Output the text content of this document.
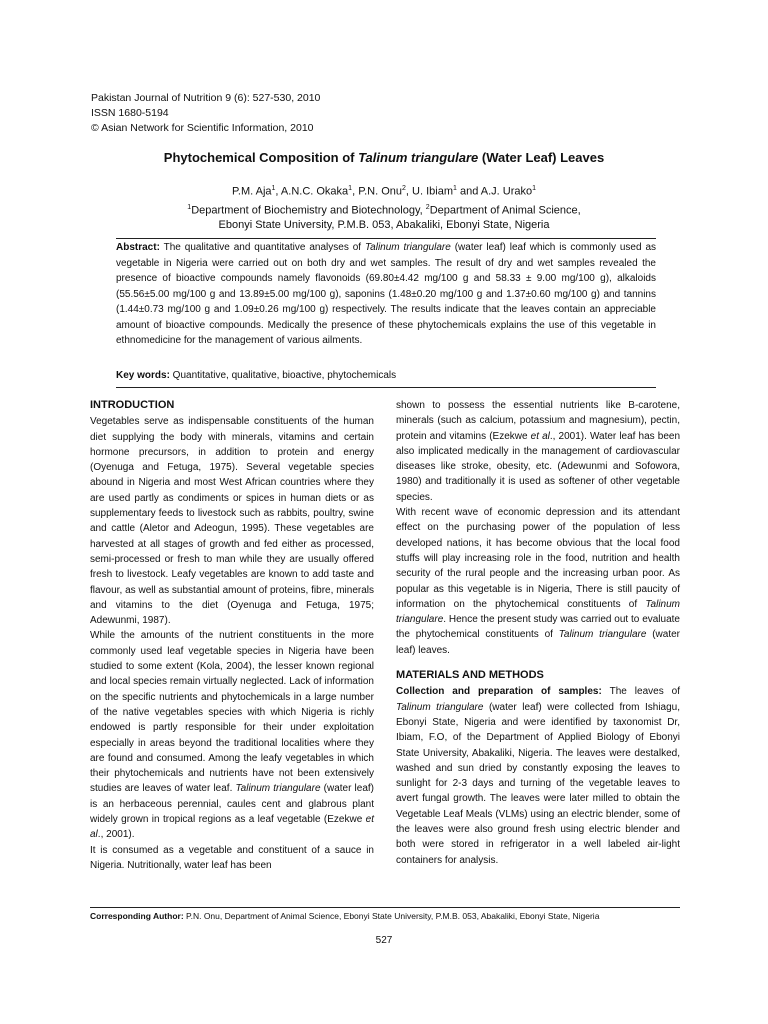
Pakistan Journal of Nutrition 9 (6): 527-530, 2010
ISSN 1680-5194
© Asian Network for Scientific Information, 2010
Phytochemical Composition of Talinum triangulare (Water Leaf) Leaves
P.M. Aja$^1$, A.N.C. Okaka$^1$, P.N. Onu$^2$, U. Ibiam$^1$ and A.J. Urako$^1$
$^1$Department of Biochemistry and Biotechnology, $^2$Department of Animal Science,
Ebonyi State University, P.M.B. 053, Abakaliki, Ebonyi State, Nigeria
Abstract: The qualitative and quantitative analyses of Talinum triangulare (water leaf) leaf which is commonly used as vegetable in Nigeria were carried out on both dry and wet samples. The result of dry and wet samples revealed the presence of bioactive compounds namely flavonoids (69.80±4.42 mg/100 g and 58.33 ± 9.00 mg/100 g), alkaloids (55.56±5.00 mg/100 g and 13.89±5.00 mg/100 g), saponins (1.48±0.20 mg/100 g and 1.37±0.60 mg/100 g) and tannins (1.44±0.73 mg/100 g and 1.09±0.26 mg/100 g) respectively. The results indicate that the leaves contain an appreciable amount of bioactive compounds. Medically the presence of these phytochemicals explains the use of this vegetable in ethnomedicine for the management of various ailments.
Key words: Quantitative, qualitative, bioactive, phytochemicals
INTRODUCTION

Vegetables serve as indispensable constituents of the human diet supplying the body with minerals, vitamins and certain hormone precursors, in addition to protein and energy (Oyenuga and Fetuga, 1975). Several vegetable species abound in Nigeria and most West African countries where they are used partly as condiments or spices in human diets or as supplementary feeds to livestock such as rabbits, poultry, swine and cattle (Aletor and Adeogun, 1995). These vegetables are harvested at all stages of growth and fed either as processed, semi-processed or fresh to man while they are usually offered fresh to livestock. Leafy vegetables are known to add taste and flavour, as well as substantial amount of proteins, fibre, minerals and vitamins to the diet (Oyenuga and Fetuga, 1975; Adewunmi, 1987).

While the amounts of the nutrient constituents in the more commonly used leaf vegetable species in Nigeria have been studied to some extent (Kola, 2004), the lesser known regional and local species remain virtually neglected. Lack of information on the specific nutrients and phytochemicals in a large number of the native vegetables species with which Nigeria is richly endowed is partly responsible for their under exploitation especially in areas beyond the traditional localities where they are found and consumed. Among the leafy vegetables in which their phytochemicals and nutrients have not been extensively studies are leaves of water leaf. Talinum triangulare (water leaf) is an herbaceous perennial, caules cent and glabrous plant widely grown in tropical regions as a leaf vegetable (Ezekwe et al., 2001).

It is consumed as a vegetable and constituent of a sauce in Nigeria. Nutritionally, water leaf has been

shown to possess the essential nutrients like B-carotene, minerals (such as calcium, potassium and magnesium), pectin, protein and vitamins (Ezekwe et al., 2001). Water leaf has been also implicated medically in the management of cardiovascular diseases like stroke, obesity, etc. (Adewunmi and Sofowora, 1980) and traditionally it is used as softener of other vegetable species.

With recent wave of economic depression and its attendant effect on the purchasing power of the population of less developed nations, it has become obvious that the local food stuffs will play increasing role in the food, nutrition and health security of the rural people and the increasing urban poor. As popular as this vegetable is in Nigeria, There is still paucity of information on the phytochemical constituents of Talinum triangulare. Hence the present study was carried out to evaluate the phytochemical constituents of Talinum triangulare (water leaf) leaves.

MATERIALS AND METHODS

Collection and preparation of samples: The leaves of Talinum triangulare (water leaf) were collected from Ishiagu, Ebonyi State, Nigeria and were identified by taxonomist Dr, Ibiam, F.O, of the Department of Applied Biology of Ebonyi State University, Abakaliki, Nigeria. The leaves were destalked, washed and sun dried by constantly exposing the leaves to sunlight for 2-3 days and turning of the vegetable leaves to avert fungal growth. The leaves were later milled to obtain the Vegetable Leaf Meals (VLMs) using an electric blender, some of the leaves were also ground fresh using electric blender and both were stored in refrigerator in a well labeled air-light containers for analysis.

Corresponding Author: P.N. Onu, Department of Animal Science, Ebonyi State University, P.M.B. 053, Abakaliki, Ebonyi State, Nigeria
527
